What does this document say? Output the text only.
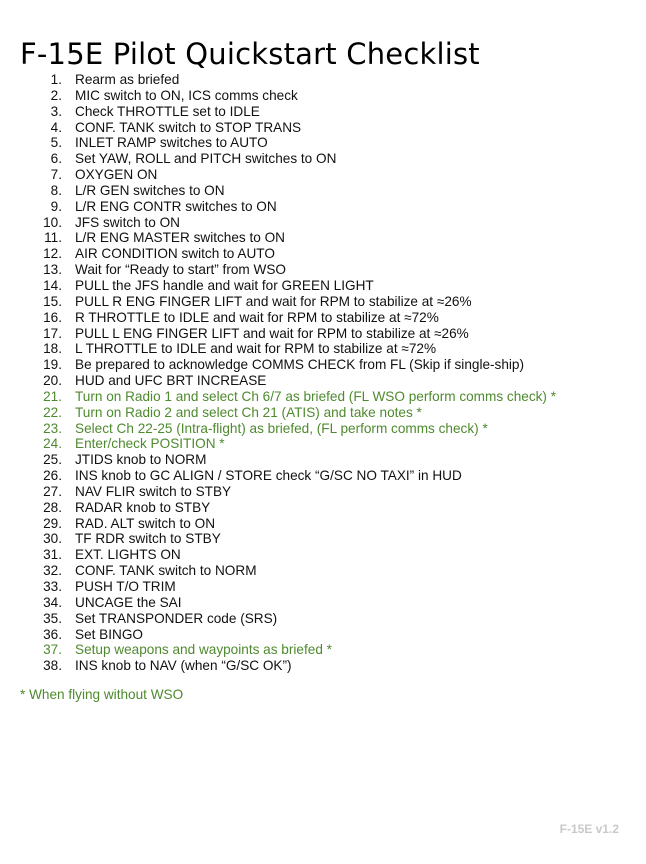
F-15E Pilot Quickstart Checklist
1. Rearm as briefed
2. MIC switch to ON, ICS comms check
3. Check THROTTLE set to IDLE
4. CONF. TANK switch to STOP TRANS
5. INLET RAMP switches to AUTO
6. Set YAW, ROLL and PITCH switches to ON
7. OXYGEN ON
8. L/R GEN switches to ON
9. L/R ENG CONTR switches to ON
10. JFS switch to ON
11. L/R ENG MASTER switches to ON
12. AIR CONDITION switch to AUTO
13. Wait for “Ready to start” from WSO
14. PULL the JFS handle and wait for GREEN LIGHT
15. PULL R ENG FINGER LIFT and wait for RPM to stabilize at ≈26%
16. R THROTTLE to IDLE and wait for RPM to stabilize at ≈72%
17. PULL L ENG FINGER LIFT and wait for RPM to stabilize at ≈26%
18. L THROTTLE to IDLE and wait for RPM to stabilize at ≈72%
19. Be prepared to acknowledge COMMS CHECK from FL (Skip if single-ship)
20. HUD and UFC BRT INCREASE
21. Turn on Radio 1 and select Ch 6/7 as briefed (FL WSO perform comms check) *
22. Turn on Radio 2 and select Ch 21 (ATIS) and take notes *
23. Select Ch 22-25 (Intra-flight) as briefed, (FL perform comms check) *
24. Enter/check POSITION *
25. JTIDS knob to NORM
26. INS knob to GC ALIGN / STORE check “G/SC NO TAXI” in HUD
27. NAV FLIR switch to STBY
28. RADAR knob to STBY
29. RAD. ALT switch to ON
30. TF RDR switch to STBY
31. EXT. LIGHTS ON
32. CONF. TANK switch to NORM
33. PUSH T/O TRIM
34. UNCAGE the SAI
35. Set TRANSPONDER code (SRS)
36. Set BINGO
37. Setup weapons and waypoints as briefed *
38. INS knob to NAV (when “G/SC OK”)
* When flying without WSO
F-15E v1.2
